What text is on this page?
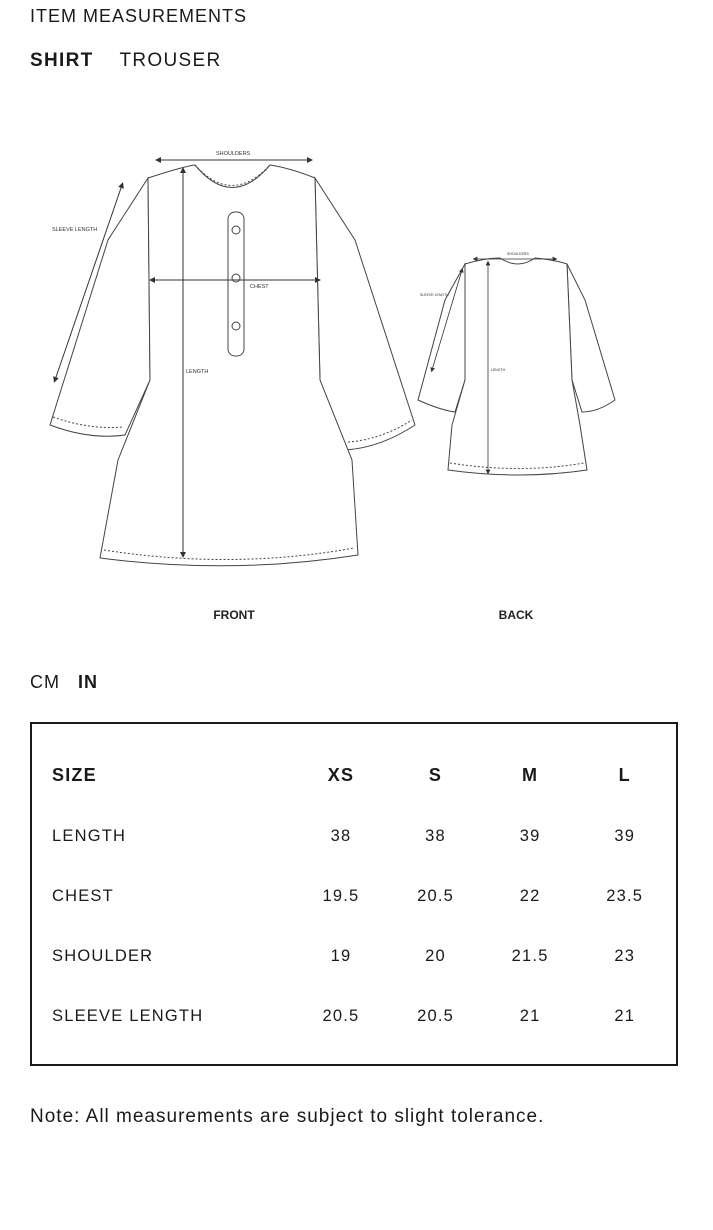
ITEM MEASUREMENTS
SHIRT TROUSER
SHOULDERS
SLEEVE LENGTH
CHEST
LENGTH
SHOULDERS
SLEEVE LENGTH
LENGTH
FRONT	BACK
CM IN
SIZE	XS	S	M	L
LENGTH	38	38	39	39
CHEST	19.5	20.5	22	23.5
SHOULDER	19	20	21.5	23
SLEEVE LENGTH	20.5	20.5	21	21
Note: All measurements are subject to slight tolerance.
